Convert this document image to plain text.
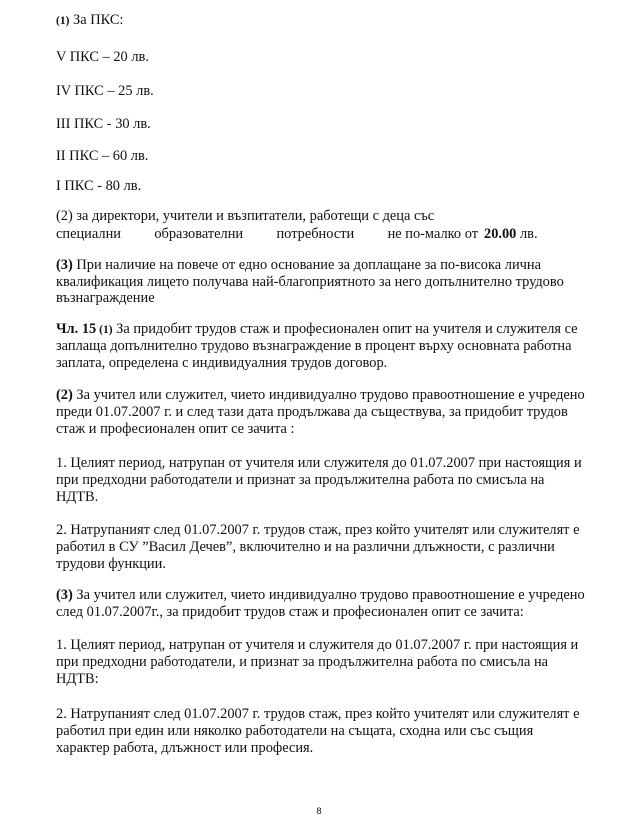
(1) За ПКС:
V ПКС – 20 лв.
IV ПКС – 25 лв.
III ПКС - 30 лв.
II ПКС – 60 лв.
I ПКС - 80 лв.
(2) за директори, учители и възпитатели, работещи с деца със
специални образователни потребности не по-малко от 20.00 лв.
(3) При наличие на повече от едно основание за доплащане за по-висока лична
квалификация лицето получава най-благоприятното за него допълнително трудово
възнаграждение
Чл. 15 (1) За придобит трудов стаж и професионален опит на учителя и служителя се
заплаща допълнително трудово възнаграждение в процент върху основната работна
заплата, определена с индивидуалния трудов договор.
(2) За учител или служител, чието индивидуално трудово правоотношение е учредено
преди 01.07.2007 г. и след тази дата продължава да съществува, за придобит трудов
стаж и професионален опит се зачита :
1. Целият период, натрупан от учителя или служителя до 01.07.2007 при настоящия и
при предходни работодатели и признат за продължителна работа по смисъла на
НДТВ.
2. Натрупаният след 01.07.2007 г. трудов стаж, през който учителят или служителят е
работил в СУ ”Васил Дечев”, включително и на различни длъжности, с различни
трудови функции.
(3) За учител или служител, чието индивидуално трудово правоотношение е учредено
след 01.07.2007г., за придобит трудов стаж и професионален опит се зачита:
1. Целият период, натрупан от учителя и служителя до 01.07.2007 г. при настоящия и
при предходни работодатели, и признат за продължителна работа по смисъла на
НДТВ:
2. Натрупаният след 01.07.2007 г. трудов стаж, през който учителят или служителят е
работил при един или няколко работодатели на същата, сходна или със същия
характер работа, длъжност или професия.
8
